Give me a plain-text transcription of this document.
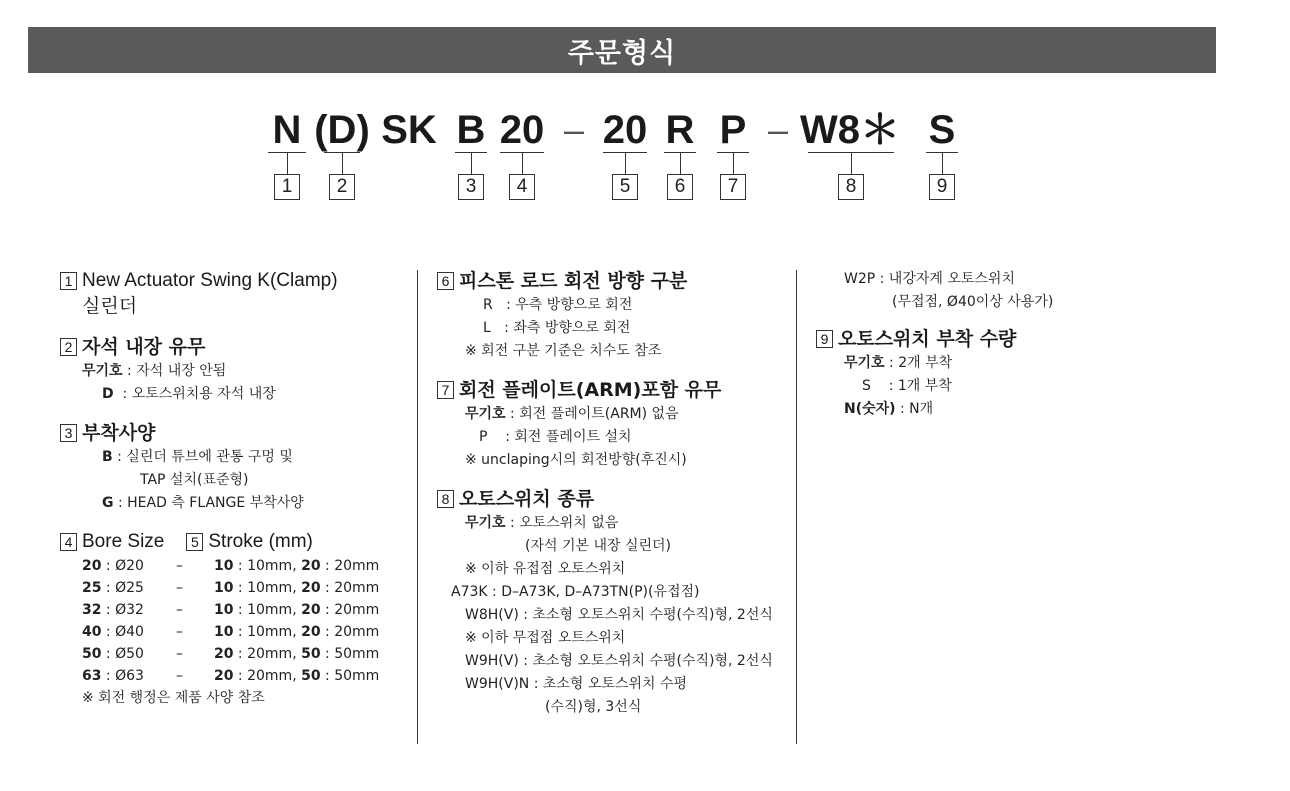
주문형식
N (D) SK B 20 – 20 R P – W8＊ S
1	2	3	4	5	6	7	8	9
1 New Actuator Swing K(Clamp)
실린더
2 자석 내장 유무
무기호 : 자석 내장 안됨
D  : 오토스위치용 자석 내장
3 부착사양
B : 실린더 튜브에 관통 구멍 및
TAP 설치(표준형)
G : HEAD 측 FLANGE 부착사양
4 Bore Size	5 Stroke (mm)
20 : Ø20	–	10 : 10mm, 20 : 20mm
25 : Ø25	–	10 : 10mm, 20 : 20mm
32 : Ø32	–	10 : 10mm, 20 : 20mm
40 : Ø40	–	10 : 10mm, 20 : 20mm
50 : Ø50	–	20 : 20mm, 50 : 50mm
63 : Ø63	–	20 : 20mm, 50 : 50mm
※ 회전 행정은 제품 사양 참조
6 피스톤 로드 회전 방향 구분
R   : 우측 방향으로 회전
L   : 좌측 방향으로 회전
※ 회전 구분 기준은 치수도 참조
7 회전 플레이트(ARM)포함 유무
무기호 : 회전 플레이트(ARM) 없음
P    : 회전 플레이트 설치
※ unclaping시의 회전방향(후진시)
8 오토스위치 종류
무기호 : 오토스위치 없음
(자석 기본 내장 실린더)
※ 이하 유접점 오토스위치
A73K : D–A73K, D–A73TN(P)(유접점)
W8H(V) : 초소형 오토스위치 수평(수직)형, 2선식
※ 이하 무접점 오트스위치
W9H(V) : 초소형 오토스위치 수평(수직)형, 2선식
W9H(V)N : 초소형 오토스위치 수평
(수직)형, 3선식
W2P : 내강자계 오토스위치
(무접점, Ø40이상 사용가)
9 오토스위치 부착 수량
무기호 : 2개 부착
S    : 1개 부착
N(숫자) : N개
